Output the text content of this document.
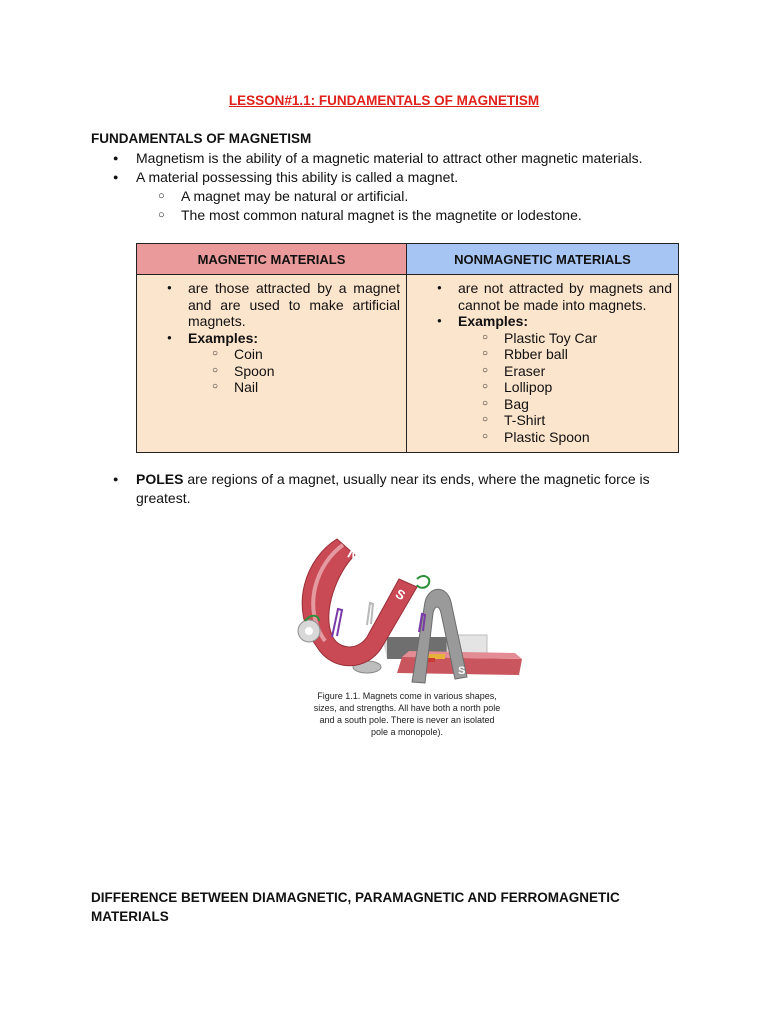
LESSON#1.1: FUNDAMENTALS OF MAGNETISM
FUNDAMENTALS OF MAGNETISM
● Magnetism is the ability of a magnetic material to attract other magnetic materials.
● A material possessing this ability is called a magnet.
○ A magnet may be natural or artificial.
○ The most common natural magnet is the magnetite or lodestone.
MAGNETIC MATERIALS	NONMAGNETIC MATERIALS
● are those attracted by a magnet and are used to make artificial magnets.
● Examples:
○ Coin
○ Spoon
○ Nail
● are not attracted by magnets and cannot be made into magnets.
● Examples:
○ Plastic Toy Car
○ Rbber ball
○ Eraser
○ Lollipop
○ Bag
○ T-Shirt
○ Plastic Spoon
● POLES are regions of a magnet, usually near its ends, where the magnetic force is
greatest.
N
S
S
Figure 1.1. Magnets come in various shapes,
sizes, and strengths. All have both a north pole
and a south pole. There is never an isolated
pole a monopole).
DIFFERENCE BETWEEN DIAMAGNETIC, PARAMAGNETIC AND FERROMAGNETIC
MATERIALS
